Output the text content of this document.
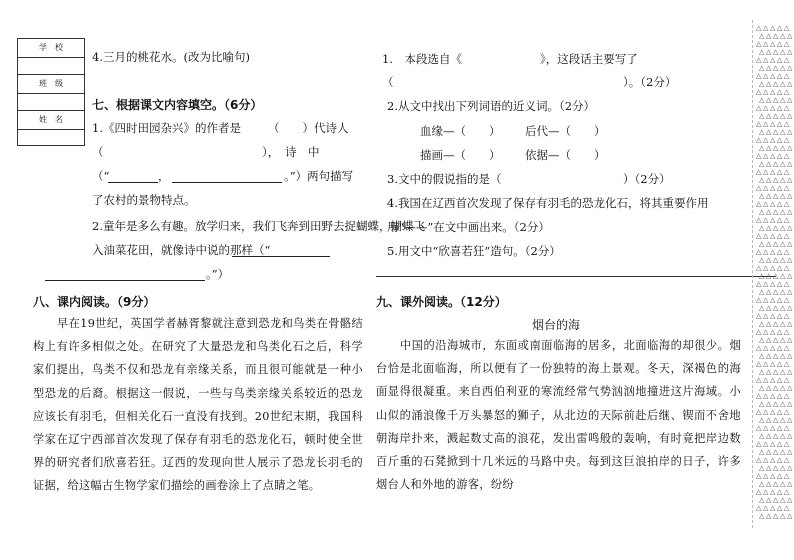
学　校
班　级
姓　名
4.三月的桃花水。(改为比喻句)
七、根据课文内容填空。（6分）
1.《四时田园杂兴》的作者是 （　　）代诗人
（	），　诗　中
（“	，	。”）两句描写
了农村的景物特点。
2.童年是多么有趣。放学归来，我们飞奔到田野去捉蝴蝶，蝴蝶飞
入油菜花田，就像诗中说的那样（“
。”）
八、课内阅读。（9分）
早在19世纪，英国学者赫胥黎就注意到恐龙和鸟类在骨骼结构上有许多相似之处。在研究了大量恐龙和鸟类化石之后，科学家们提出，鸟类不仅和恐龙有亲缘关系，而且很可能就是一种小型恐龙的后裔。根据这一假说，一些与鸟类亲缘关系较近的恐龙应该长有羽毛，但相关化石一直没有找到。20世纪末期，我国科学家在辽宁西部首次发现了保存有羽毛的恐龙化石，顿时使全世界的研究者们欣喜若狂。辽西的发现向世人展示了恐龙长羽毛的证据，给这幅古生物学家们描绘的画卷涂上了点睛之笔。
1.　本段选自《	》，这段话主要写了
（	）。（2分）
2.从文中找出下列词语的近义词。（2分）
血缘—（　　） 后代—（　　）
描画—（　　） 依据—（　　）
3.文中的假说指的是（	）（2分）
4.我国在辽西首次发现了保存有羽毛的恐龙化石，将其重要作用
用“——”在文中画出来。（2分）
5.用文中“欣喜若狂”造句。（2分）
九、课外阅读。（12分）
烟台的海
中国的沿海城市，东面或南面临海的居多，北面临海的却很少。烟台恰是北面临海，所以便有了一份独特的海上景观。冬天，深褐色的海面显得很凝重。来自西伯利亚的寒流经常气势汹汹地撞进这片海域。小山似的涌浪像千万头暴怒的狮子，从北边的天际前赴后继、锲而不舍地朝海岸扑来，溅起数丈高的浪花，发出雷鸣般的轰响，有时竟把岸边数百斤重的石凳掀到十几米远的马路中央。每到这巨浪拍岸的日子，许多烟台人和外地的游客，纷纷
△ △ △ △ △
△ △ △ △ △
△ △ △ △ △
△ △ △ △ △
△ △ △ △ △
△ △ △ △ △
△ △ △ △ △
△ △ △ △ △
△ △ △ △ △
△ △ △ △ △
△ △ △ △ △
△ △ △ △ △
△ △ △ △ △
△ △ △ △ △
△ △ △ △ △
△ △ △ △ △
△ △ △ △ △
△ △ △ △ △
△ △ △ △ △
△ △ △ △ △
△ △ △ △ △
△ △ △ △ △
△ △ △ △ △
△ △ △ △ △
△ △ △ △ △
△ △ △ △ △
△ △ △ △ △
△ △ △ △ △
△ △ △ △ △
△ △ △ △ △
△ △ △ △ △
△ △ △ △ △
△ △ △ △ △
△ △ △ △ △
△ △ △ △ △
△ △ △ △ △
△ △ △ △ △
△ △ △ △ △
△ △ △ △ △
△ △ △ △ △
△ △ △ △ △
△ △ △ △ △
△ △ △ △ △
△ △ △ △ △
△ △ △ △ △
△ △ △ △ △
△ △ △ △ △
△ △ △ △ △
△ △ △ △ △
△ △ △ △ △
△ △ △ △ △
△ △ △ △ △
△ △ △ △ △
△ △ △ △ △
△ △ △ △ △
△ △ △ △ △
△ △ △ △ △
△ △ △ △ △
△ △ △ △ △
△ △ △ △ △
△ △ △ △ △
△ △ △ △ △
